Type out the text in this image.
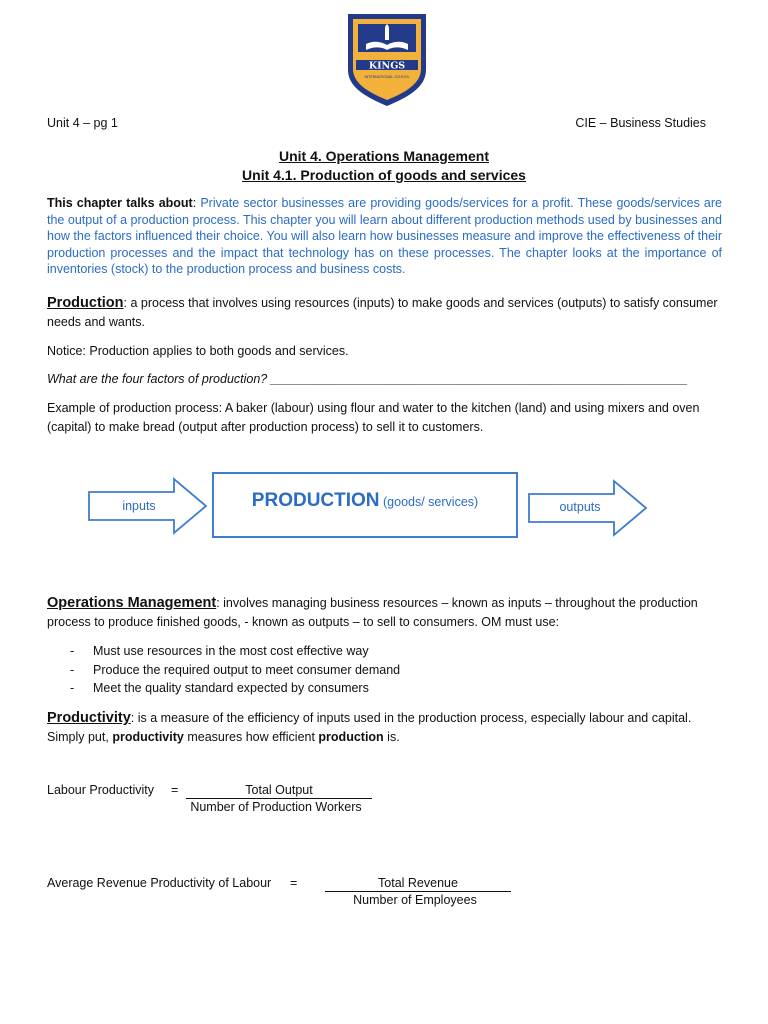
KINGS
INTERNATIONAL SCHOOL
Unit 4 – pg 1	CIE – Business Studies
Unit 4. Operations Management
Unit 4.1. Production of goods and services
This chapter talks about: Private sector businesses are providing goods/services for a profit. These goods/services are the output of a production process. This chapter you will learn about different production methods used by businesses and how the factors influenced their choice. You will also learn how businesses measure and improve the effectiveness of their production processes and the impact that technology has on these processes. The chapter looks at the importance of inventories (stock) to the production process and business costs.
Production: a process that involves using resources (inputs) to make goods and services (outputs) to satisfy consumer needs and wants.
Notice: Production applies to both goods and services.
What are the four factors of production? ____________________________________________________________
Example of production process: A baker (labour) using flour and water to the kitchen (land) and using mixers and oven (capital) to make bread (output after production process) to sell it to customers.
inputs	PRODUCTION (goods/ services)	outputs
Operations Management: involves managing business resources – known as inputs – throughout the production process to produce finished goods, - known as outputs – to sell to consumers. OM must use:
- Must use resources in the most cost effective way
- Produce the required output to meet consumer demand
- Meet the quality standard expected by consumers
Productivity: is a measure of the efficiency of inputs used in the production process, especially labour and capital.
Simply put, productivity measures how efficient production is.
Labour Productivity =	Total Output
Number of Production Workers
Average Revenue Productivity of Labour =	Total Revenue
Number of Employees
